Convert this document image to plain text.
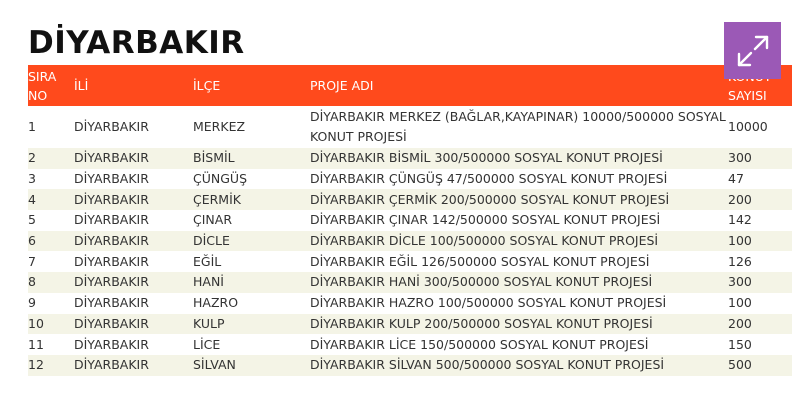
DİYARBAKIR
SIRA NO	İLİ	İLÇE	PROJE ADI	SAYISI
1	DİYARBAKIR	MERKEZ	DİYARBAKIR MERKEZ (BAĞLAR,KAYAPINAR) 10000/500000 SOSYAL KONUT PROJESİ	10000
2	DİYARBAKIR	BİSMİL	DİYARBAKIR BİSMİL 300/500000 SOSYAL KONUT PROJESİ	300
3	DİYARBAKIR	ÇÜNGÜŞ	DİYARBAKIR ÇÜNGÜŞ 47/500000 SOSYAL KONUT PROJESİ	47
4	DİYARBAKIR	ÇERMİK	DİYARBAKIR ÇERMİK 200/500000 SOSYAL KONUT PROJESİ	200
5	DİYARBAKIR	ÇINAR	DİYARBAKIR ÇINAR 142/500000 SOSYAL KONUT PROJESİ	142
6	DİYARBAKIR	DİCLE	DİYARBAKIR DİCLE 100/500000 SOSYAL KONUT PROJESİ	100
7	DİYARBAKIR	EĞİL	DİYARBAKIR EĞİL 126/500000 SOSYAL KONUT PROJESİ	126
8	DİYARBAKIR	HANİ	DİYARBAKIR HANİ 300/500000 SOSYAL KONUT PROJESİ	300
9	DİYARBAKIR	HAZRO	DİYARBAKIR HAZRO 100/500000 SOSYAL KONUT PROJESİ	100
10	DİYARBAKIR	KULP	DİYARBAKIR KULP 200/500000 SOSYAL KONUT PROJESİ	200
11	DİYARBAKIR	LİCE	DİYARBAKIR LİCE 150/500000 SOSYAL KONUT PROJESİ	150
12	DİYARBAKIR	SİLVAN	DİYARBAKIR SİLVAN 500/500000 SOSYAL KONUT PROJESİ	500
